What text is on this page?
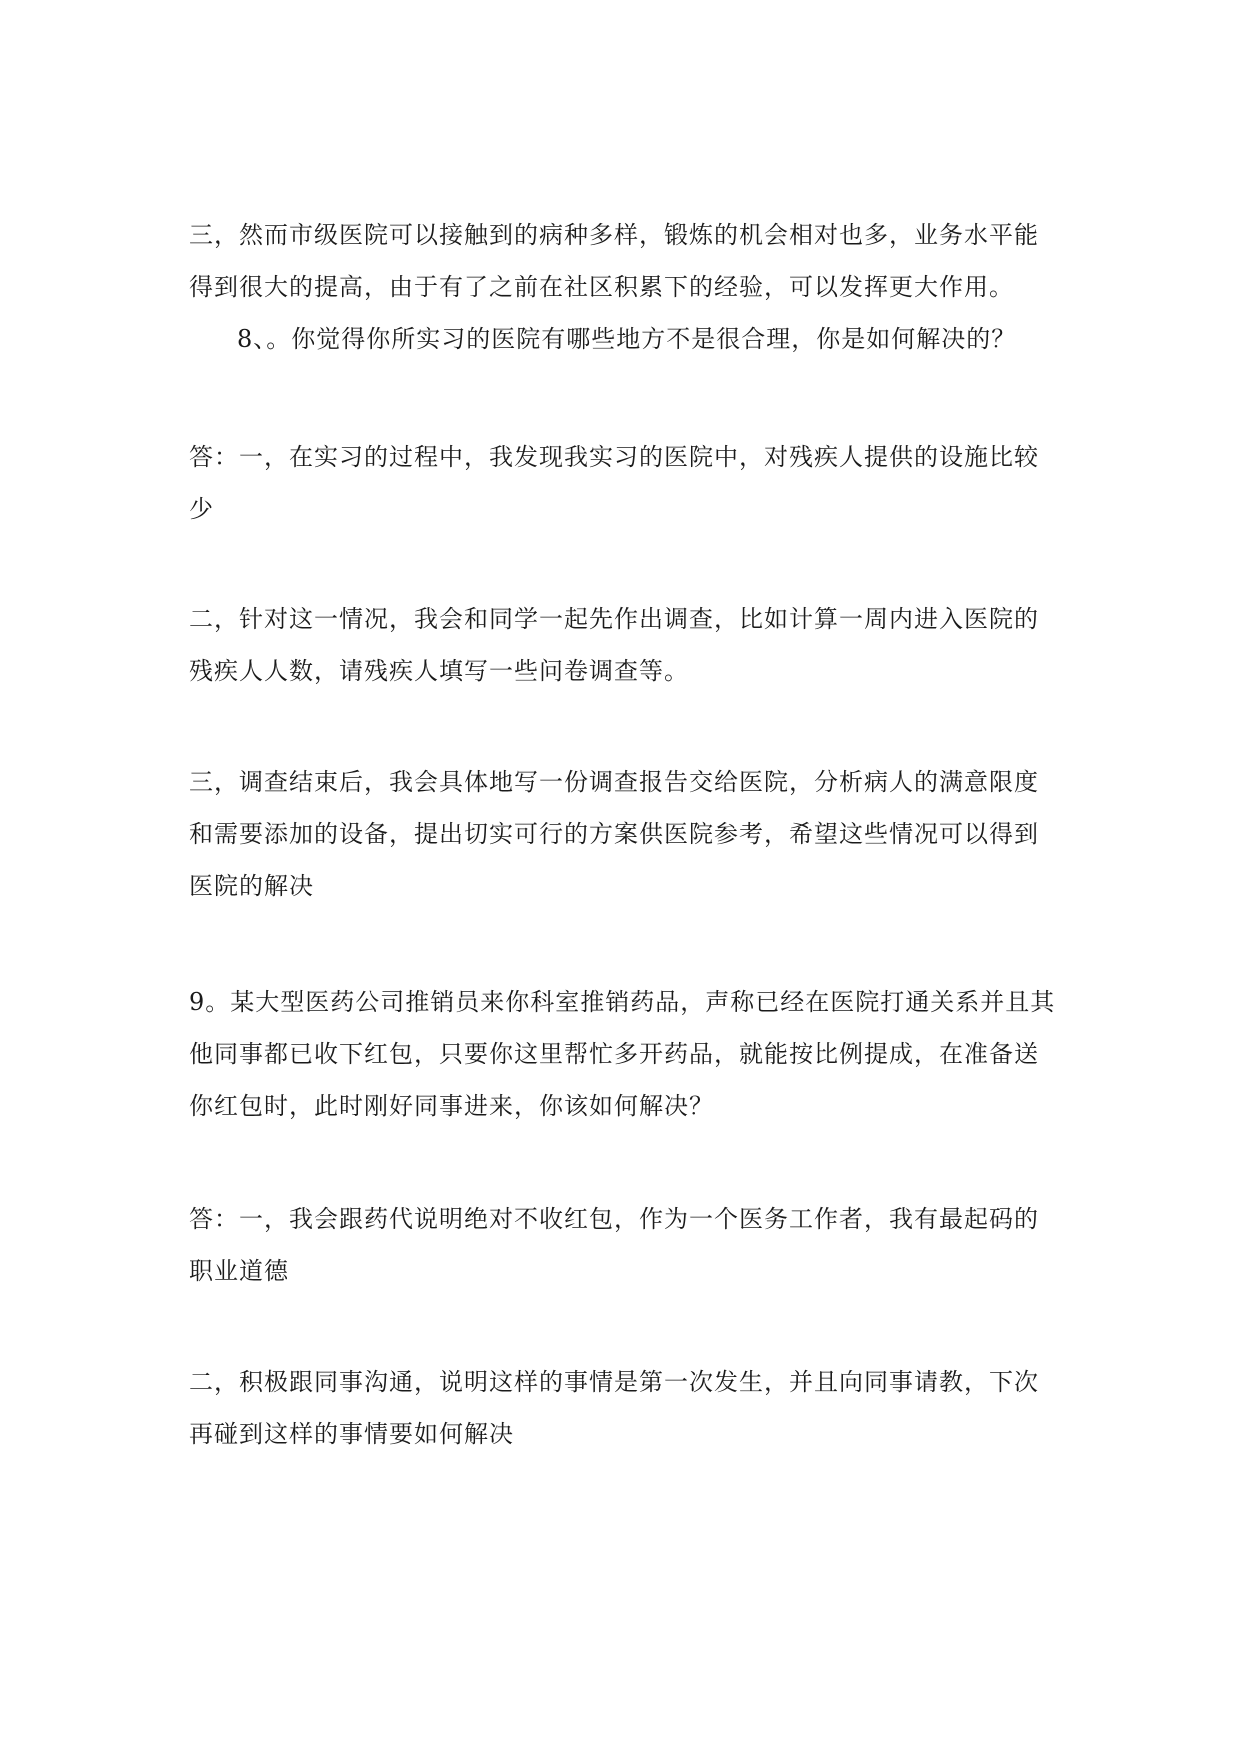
三，然而市级医院可以接触到的病种多样，锻炼的机会相对也多，业务水平能
得到很大的提高，由于有了之前在社区积累下的经验，可以发挥更大作用。
8、。你觉得你所实习的医院有哪些地方不是很合理，你是如何解决的？
答：一，在实习的过程中，我发现我实习的医院中，对残疾人提供的设施比较
少
二，针对这一情况，我会和同学一起先作出调查，比如计算一周内进入医院的
残疾人人数，请残疾人填写一些问卷调查等。
三，调查结束后，我会具体地写一份调查报告交给医院，分析病人的满意限度
和需要添加的设备，提出切实可行的方案供医院参考，希望这些情况可以得到
医院的解决
9。某大型医药公司推销员来你科室推销药品，声称已经在医院打通关系并且其
他同事都已收下红包，只要你这里帮忙多开药品，就能按比例提成，在准备送
你红包时，此时刚好同事进来，你该如何解决？
答：一，我会跟药代说明绝对不收红包，作为一个医务工作者，我有最起码的
职业道德
二，积极跟同事沟通，说明这样的事情是第一次发生，并且向同事请教，下次
再碰到这样的事情要如何解决
